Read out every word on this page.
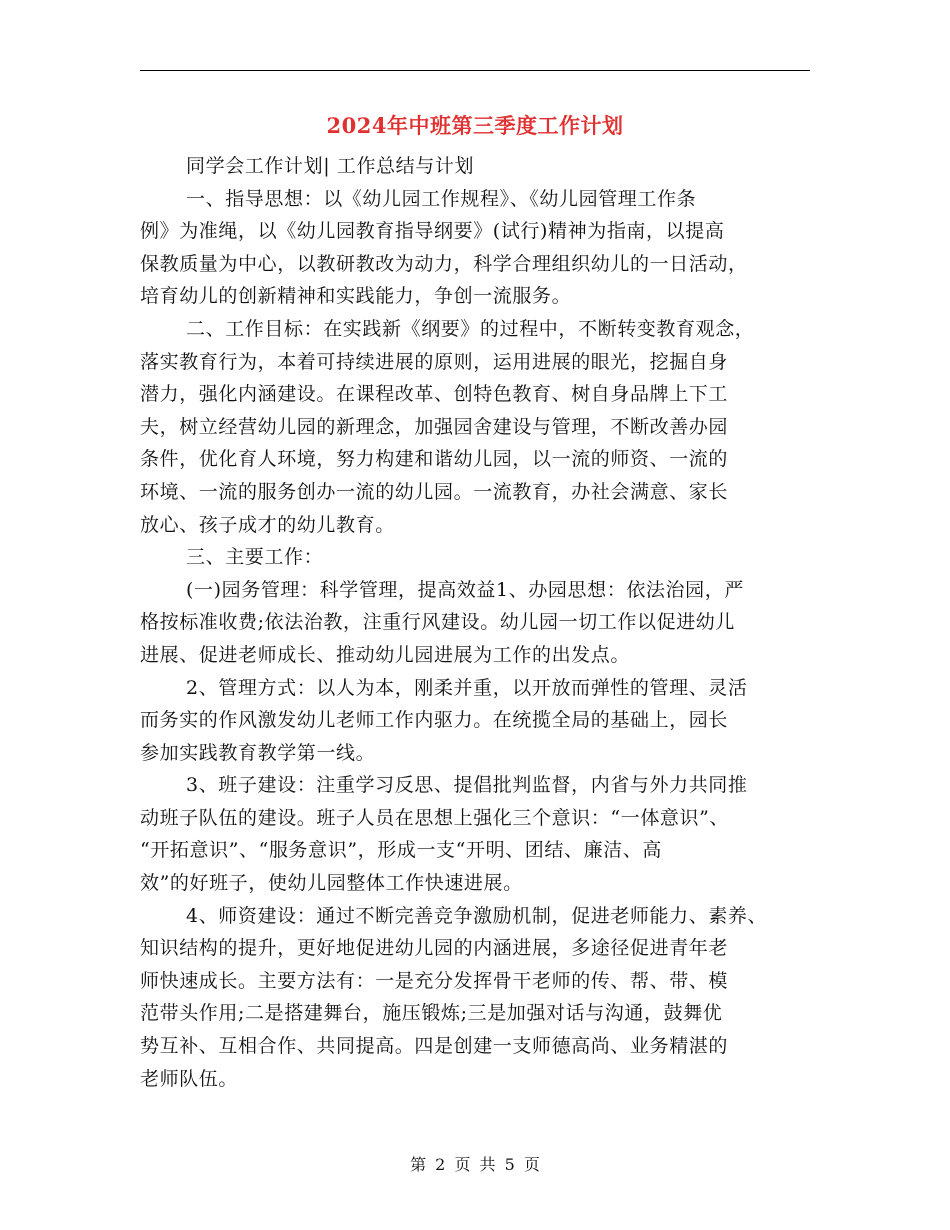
2024年中班第三季度工作计划
同学会工作计划| 工作总结与计划
一、指导思想：以《幼儿园工作规程》、《幼儿园管理工作条
例》为准绳，以《幼儿园教育指导纲要》(试行)精神为指南，以提高
保教质量为中心，以教研教改为动力，科学合理组织幼儿的一日活动，
培育幼儿的创新精神和实践能力，争创一流服务。
二、工作目标：在实践新《纲要》的过程中，不断转变教育观念，
落实教育行为，本着可持续进展的原则，运用进展的眼光，挖掘自身
潜力，强化内涵建设。在课程改革、创特色教育、树自身品牌上下工
夫，树立经营幼儿园的新理念，加强园舍建设与管理，不断改善办园
条件，优化育人环境，努力构建和谐幼儿园，以一流的师资、一流的
环境、一流的服务创办一流的幼儿园。一流教育，办社会满意、家长
放心、孩子成才的幼儿教育。
三、主要工作：
(一)园务管理：科学管理，提高效益1、办园思想：依法治园，严
格按标准收费;依法治教，注重行风建设。幼儿园一切工作以促进幼儿
进展、促进老师成长、推动幼儿园进展为工作的出发点。
2、管理方式：以人为本，刚柔并重，以开放而弹性的管理、灵活
而务实的作风激发幼儿老师工作内驱力。在统揽全局的基础上，园长
参加实践教育教学第一线。
3、班子建设：注重学习反思、提倡批判监督，内省与外力共同推
动班子队伍的建设。班子人员在思想上强化三个意识：“一体意识”、
“开拓意识”、“服务意识”，形成一支“开明、团结、廉洁、高
效”的好班子，使幼儿园整体工作快速进展。
4、师资建设：通过不断完善竞争激励机制，促进老师能力、素养、
知识结构的提升，更好地促进幼儿园的内涵进展，多途径促进青年老
师快速成长。主要方法有：一是充分发挥骨干老师的传、帮、带、模
范带头作用;二是搭建舞台，施压锻炼;三是加强对话与沟通，鼓舞优
势互补、互相合作、共同提高。四是创建一支师德高尚、业务精湛的
老师队伍。
第 2 页 共 5 页
